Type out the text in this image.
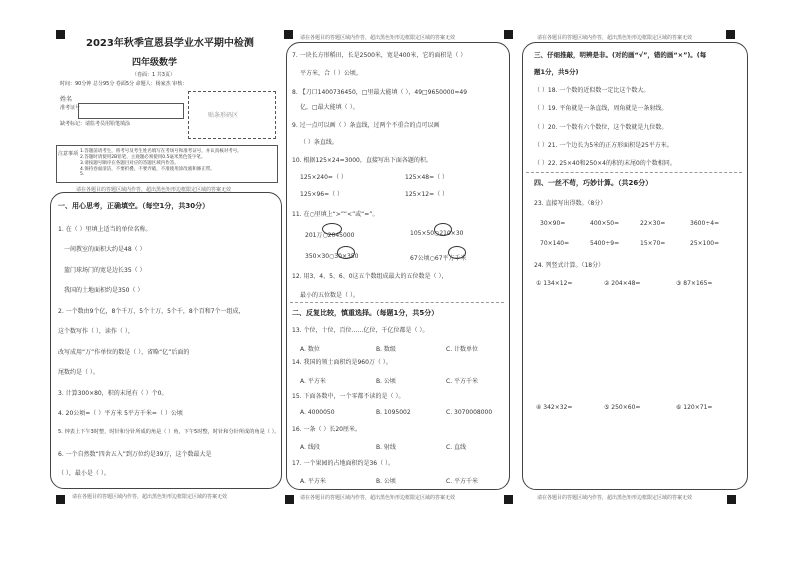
2023年秋季宣恩县学业水平期中检测
四年级数学
（卷面：1 共3页）
时间：90分钟 总分95分 卷面5分 命题人：杨家杰 审核：
姓名
准考证号
缺考标记：请监考员用铅笔填涂
贴条形码区
注意事项 1.答题前请考生，将考号及考生姓名填写在考场号和准考证号，并认真核对考号。
2.答题时请使用2B铅笔，主观题必须使用0.5毫米黑色签字笔。
3.请按题号顺序在各题目对应的答题区域内作答。
4.保持卷面清洁，不要折叠、不要弄破，不准使用涂改液和修正带。
5.
请在各题目的答题区域内作答，超出黑色矩形边框限定区域的答案无效
一、用心思考，正确填空。（每空1分，共30分）
1. 在（ ）里填上适当的单位名称。
一间教室的面积大约是48（ ）
篮门球场门的宽是边长35（ ）
我国的土地面积约是350（ ）
2. 一个数由9个亿，8个千万，5个十万，5个千，8个百和7个一组成，
这个数写作（ ），读作（ ），
改写成用“万”作单位的数是（ ），省略“亿”后面的
尾数约是（ ）。
3. 计算300×80，积的末尾有（ ）个0。
4. 20公顷=（ ）平方米 5平方千米=（ ）公顷
5. 钟表上下午3时整，时针和分针所成的角是（ ）角，下午5时整，时针和分针所成的角是（ ）。
6. 一个自然数“四舍五入”到万位约是39万，这个数最大是
（ ），最小是（ ）。
请在各题目的答题区域内作答，超出黑色矩形边框限定区域的答案无效
请在各题目的答题区域内作答，超出黑色矩形边框限定区域的答案无效
7. 一块长方形稻田，长是2500米，宽是400米，它的面积是（ ）
平方米，合（ ）公顷。
8. 【刀口1400736450，□里最大能填（ ），49□9650000≈49
亿，□最大能填（ ）。
9. 过一点可以画（ ）条直线，过两个不重合的点可以画
（ ）条直线。
10. 根据125×24=3000，直接写出下面各题的积。
125×240=（ ）	125×48=（ ）
125×96=（ ）	125×12=（ ）
11. 在○里填上“>”“<”或“=”。
201万○2045000	105×50○210×30
350×30○30×350	67公顷○67平方千米
12. 用3、4、5、6、0这五个数组成最大的五位数是（ ），
最小的五位数是（ ）。
二、反复比较，慎重选择。（每题1分，共5分）
13. 个位，十位，百位……亿位，千亿位都是（ ）。
A. 数位	B. 数级	C. 计数单位
14. 我国的领土面积约是960万（ ）。
A. 平方米	B. 公顷	C. 平方千米
15. 下面各数中，一个零都不读的是（ ）。
A. 4000050	B. 1095002	C. 3070008000
16. 一条（ ）长20厘米。
A. 线段	B. 射线	C. 直线
17. 一个果园的占地面积约是36（ ）。
A. 平方米	B. 公顷	C. 平方千米
请在各题目的答题区域内作答，超出黑色矩形边框限定区域的答案无效
请在各题目的答题区域内作答，超出黑色矩形边框限定区域的答案无效
三、仔细推敲，明辨是非。(对的画“√”，错的画“×”)。(每
题1分，共5分)
（ ）18. 一个数的近似数一定比这个数大。
（ ）19. 平角就是一条直线，周角就是一条射线。
（ ）20. 一个数有六个数位，这个数就是九位数。
（ ）21. 一个边长为5米的正方形面积是25平方米。
（ ）22. 25×40和250×4的积的末尾0的个数相同。
四、一丝不苟，巧妙计算。（共26分）
23. 直接写出得数。（8分）
30×90=	400×50=	22×30=	3600÷4=
70×140=	5400÷9=	15×70=	25×100=
24. 列竖式计算。（18分）
① 134×12=	② 204×48=	③ 87×165=
④ 342×32=	⑤ 250×60=	⑥ 120×71=
请在各题目的答题区域内作答，超出黑色矩形边框限定区域的答案无效
